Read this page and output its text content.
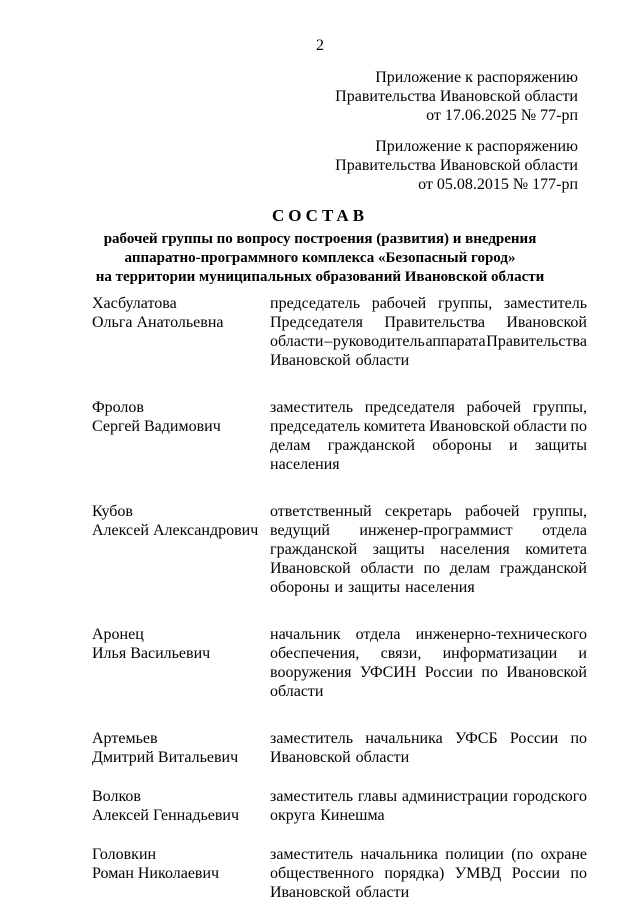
2
Приложение к распоряжению
Правительства Ивановской области
от 17.06.2025 № 77-рп
Приложение к распоряжению
Правительства Ивановской области
от 05.08.2015 № 177-рп
СОСТАВ
рабочей группы по вопросу построения (развития) и внедрения
аппаратно-программного комплекса «Безопасный город»
на территории муниципальных образований Ивановской области
Хасбулатова
Ольга Анатольевна
председатель рабочей группы, заместитель
Председателя Правительства Ивановской
области – руководитель аппарата Правительства
Ивановской области
Фролов
Сергей Вадимович
заместитель председателя рабочей группы,
председатель комитета Ивановской области по
делам гражданской обороны и защиты
населения
Кубов
Алексей Александрович
ответственный секретарь рабочей группы,
ведущий инженер-программист отдела
гражданской защиты населения комитета
Ивановской области по делам гражданской
обороны и защиты населения
Аронец
Илья Васильевич
начальник отдела инженерно-технического
обеспечения, связи, информатизации и
вооружения УФСИН России по Ивановской
области
Артемьев
Дмитрий Витальевич
заместитель начальника УФСБ России по
Ивановской области
Волков
Алексей Геннадьевич
заместитель главы администрации городского
округа Кинешма
Головкин
Роман Николаевич
заместитель начальника полиции (по охране
общественного порядка) УМВД России по
Ивановской области
